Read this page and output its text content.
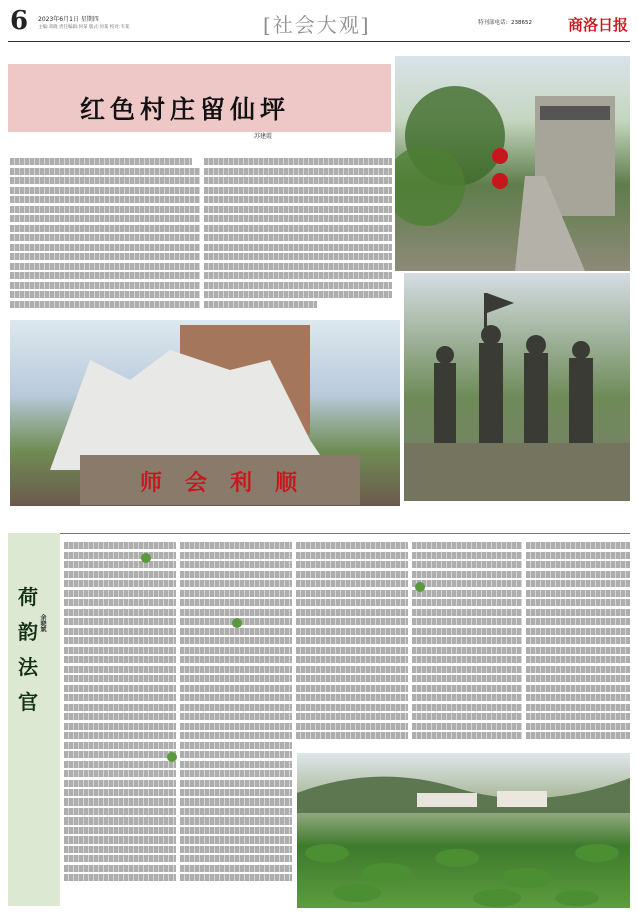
6 2023年6月1日 星期四
主编:邓晓 责任编辑:何某 版式:何某 校对:韦某	[社会大观]	特刊部电话：238652 商洛日报
红色村庄留仙坪
苏建霞
师 会 利 顺
荷
韵
法
官
余晓斌
